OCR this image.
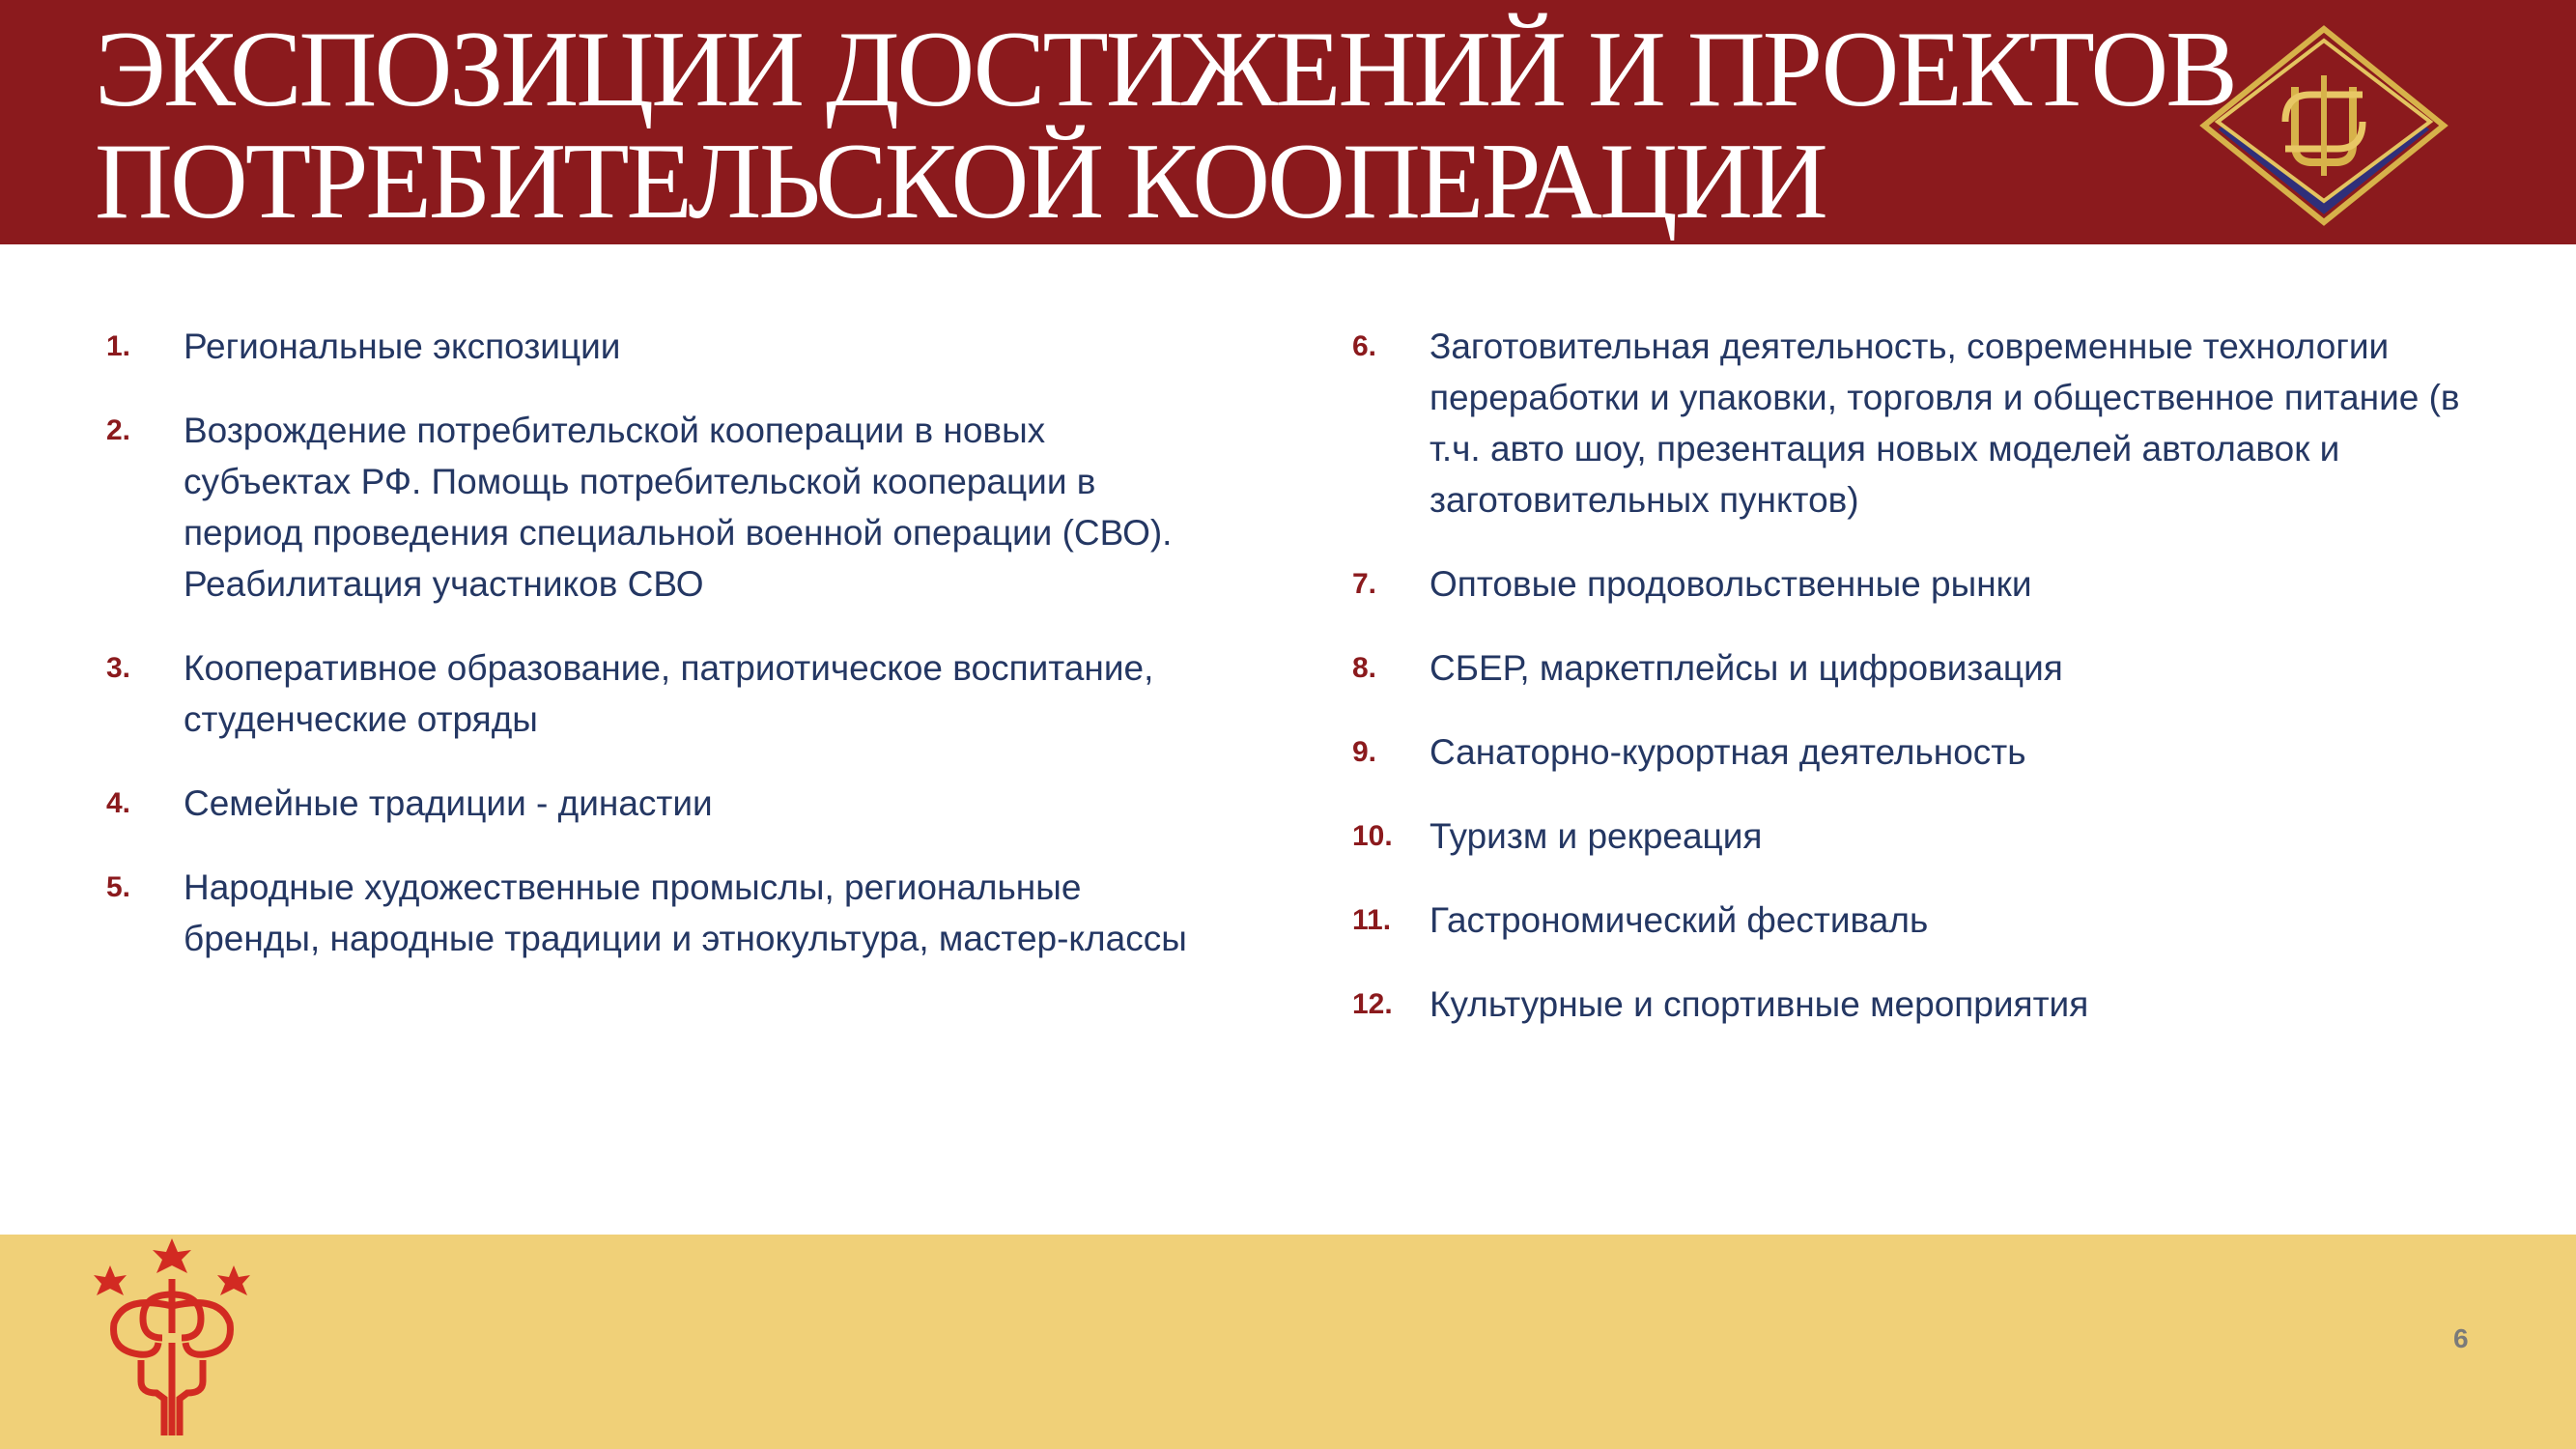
ЭКСПОЗИЦИИ ДОСТИЖЕНИЙ И ПРОЕКТОВ
ПОТРЕБИТЕЛЬСКОЙ КООПЕРАЦИИ
1.	Региональные экспозиции
2.	Возрождение потребительской кооперации в новых субъектах РФ. Помощь потребительской кооперации в период проведения специальной военной операции (СВО). Реабилитация участников СВО
3.	Кооперативное образование, патриотическое воспитание, студенческие отряды
4.	Семейные традиции - династии
5.	Народные художественные промыслы, региональные бренды, народные традиции и этнокультура, мастер-классы
6.	Заготовительная деятельность, современные технологии переработки и упаковки, торговля и общественное питание (в т.ч. авто шоу, презентация новых моделей автолавок и заготовительных пунктов)
7.	Оптовые продовольственные рынки
8.	СБЕР, маркетплейсы и цифровизация
9.	Санаторно-курортная деятельность
10.	Туризм и рекреация
11.	Гастрономический фестиваль
12.	Культурные и спортивные мероприятия
6
